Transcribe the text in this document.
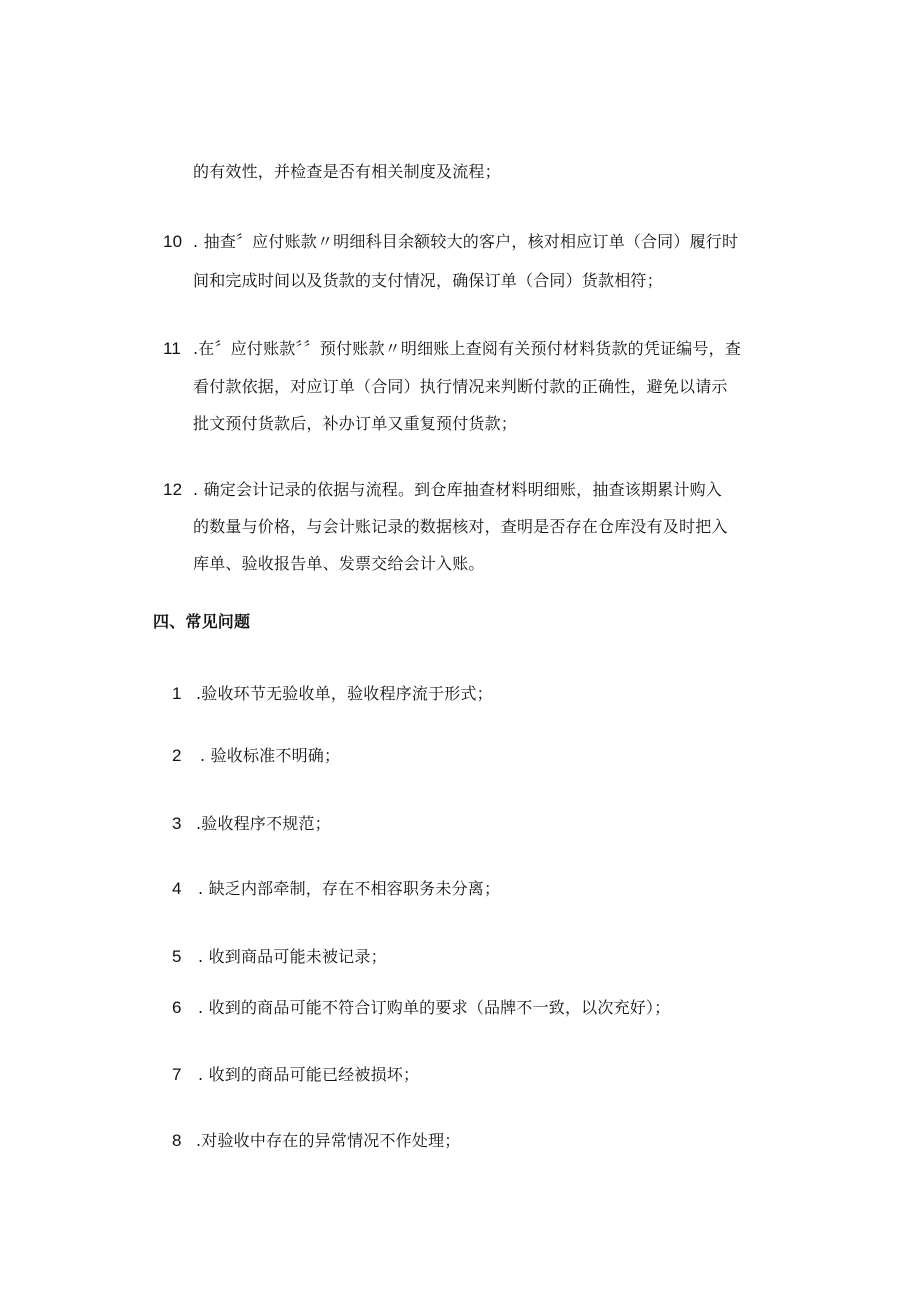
的有效性，并检查是否有相关制度及流程；
10 . 抽查〞应付账款〃明细科目余额较大的客户，核对相应订单（合同）履行时
间和完成时间以及货款的支付情况，确保订单（合同）货款相符；
11 .在〞应付账款〞〞预付账款〃明细账上查阅有关预付材料货款的凭证编号，查
看付款依据，对应订单（合同）执行情况来判断付款的正确性，避免以请示
批文预付货款后，补办订单又重复预付货款；
12 . 确定会计记录的依据与流程。到仓库抽查材料明细账，抽查该期累计购入
的数量与价格，与会计账记录的数据核对，查明是否存在仓库没有及时把入
库单、验收报告单、发票交给会计入账。
四、常见问题
1 .验收环节无验收单，验收程序流于形式；
2 . 验收标准不明确；
3 .验收程序不规范；
4 . 缺乏内部牵制，存在不相容职务未分离；
5 . 收到商品可能未被记录；
6 . 收到的商品可能不符合订购单的要求（品牌不一致，以次充好）；
7 . 收到的商品可能已经被损坏；
8 .对验收中存在的异常情况不作处理；
